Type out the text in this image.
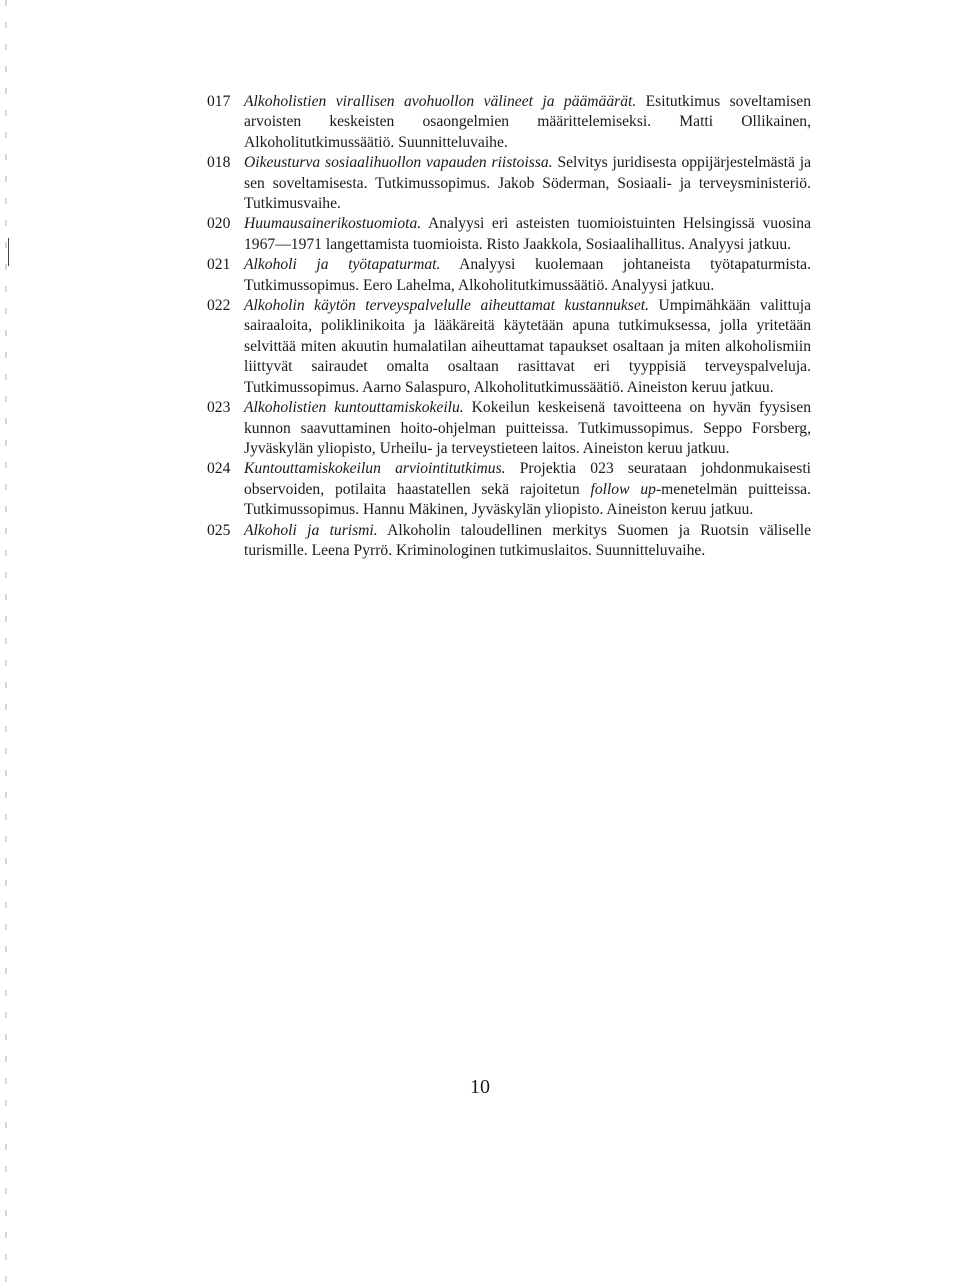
017 Alkoholistien virallisen avohuollon välineet ja päämäärät. Esitutkimus soveltamisen arvoisten keskeisten osaongelmien määrittelemiseksi. Matti Ollikainen, Alkoholitutkimussäätiö. Suunnitteluvaihe.

018 Oikeusturva sosiaalihuollon vapauden riistoissa. Selvitys juridisesta oppijärjestelmästä ja sen soveltamisesta. Tutkimussopimus. Jakob Söderman, Sosiaali- ja terveysministeriö. Tutkimusvaihe.

020 Huumausainerikostuomiota. Analyysi eri asteisten tuomioistuinten Helsingissä vuosina 1967—1971 langettamista tuomioista. Risto Jaakkola, Sosiaalihallitus. Analyysi jatkuu.

021 Alkoholi ja työtapaturmat. Analyysi kuolemaan johtaneista työtapaturmista. Tutkimussopimus. Eero Lahelma, Alkoholitutkimussäätiö. Analyysi jatkuu.

022 Alkoholin käytön terveyspalvelulle aiheuttamat kustannukset. Umpimähkään valittuja sairaaloita, poliklinikoita ja lääkäreitä käytetään apuna tutkimuksessa, jolla yritetään selvittää miten akuutin humalatilan aiheuttamat tapaukset osaltaan ja miten alkoholismiin liittyvät sairaudet omalta osaltaan rasittavat eri tyyppisiä terveyspalveluja. Tutkimussopimus. Aarno Salaspuro, Alkoholitutkimussäätiö. Aineiston keruu jatkuu.

023 Alkoholistien kuntouttamiskokeilu. Kokeilun keskeisenä tavoitteena on hyvän fyysisen kunnon saavuttaminen hoito-ohjelman puitteissa. Tutkimussopimus. Seppo Forsberg, Jyväskylän yliopisto, Urheilu- ja terveystieteen laitos. Aineiston keruu jatkuu.

024 Kuntouttamiskokeilun arviointitutkimus. Projektia 023 seurataan johdonmukaisesti observoiden, potilaita haastatellen sekä rajoitetun follow up-menetelmän puitteissa. Tutkimussopimus. Hannu Mäkinen, Jyväskylän yliopisto. Aineiston keruu jatkuu.

025 Alkoholi ja turismi. Alkoholin taloudellinen merkitys Suomen ja Ruotsin väliselle turismille. Leena Pyrrö. Kriminologinen tutkimuslaitos. Suunnitteluvaihe.

10
